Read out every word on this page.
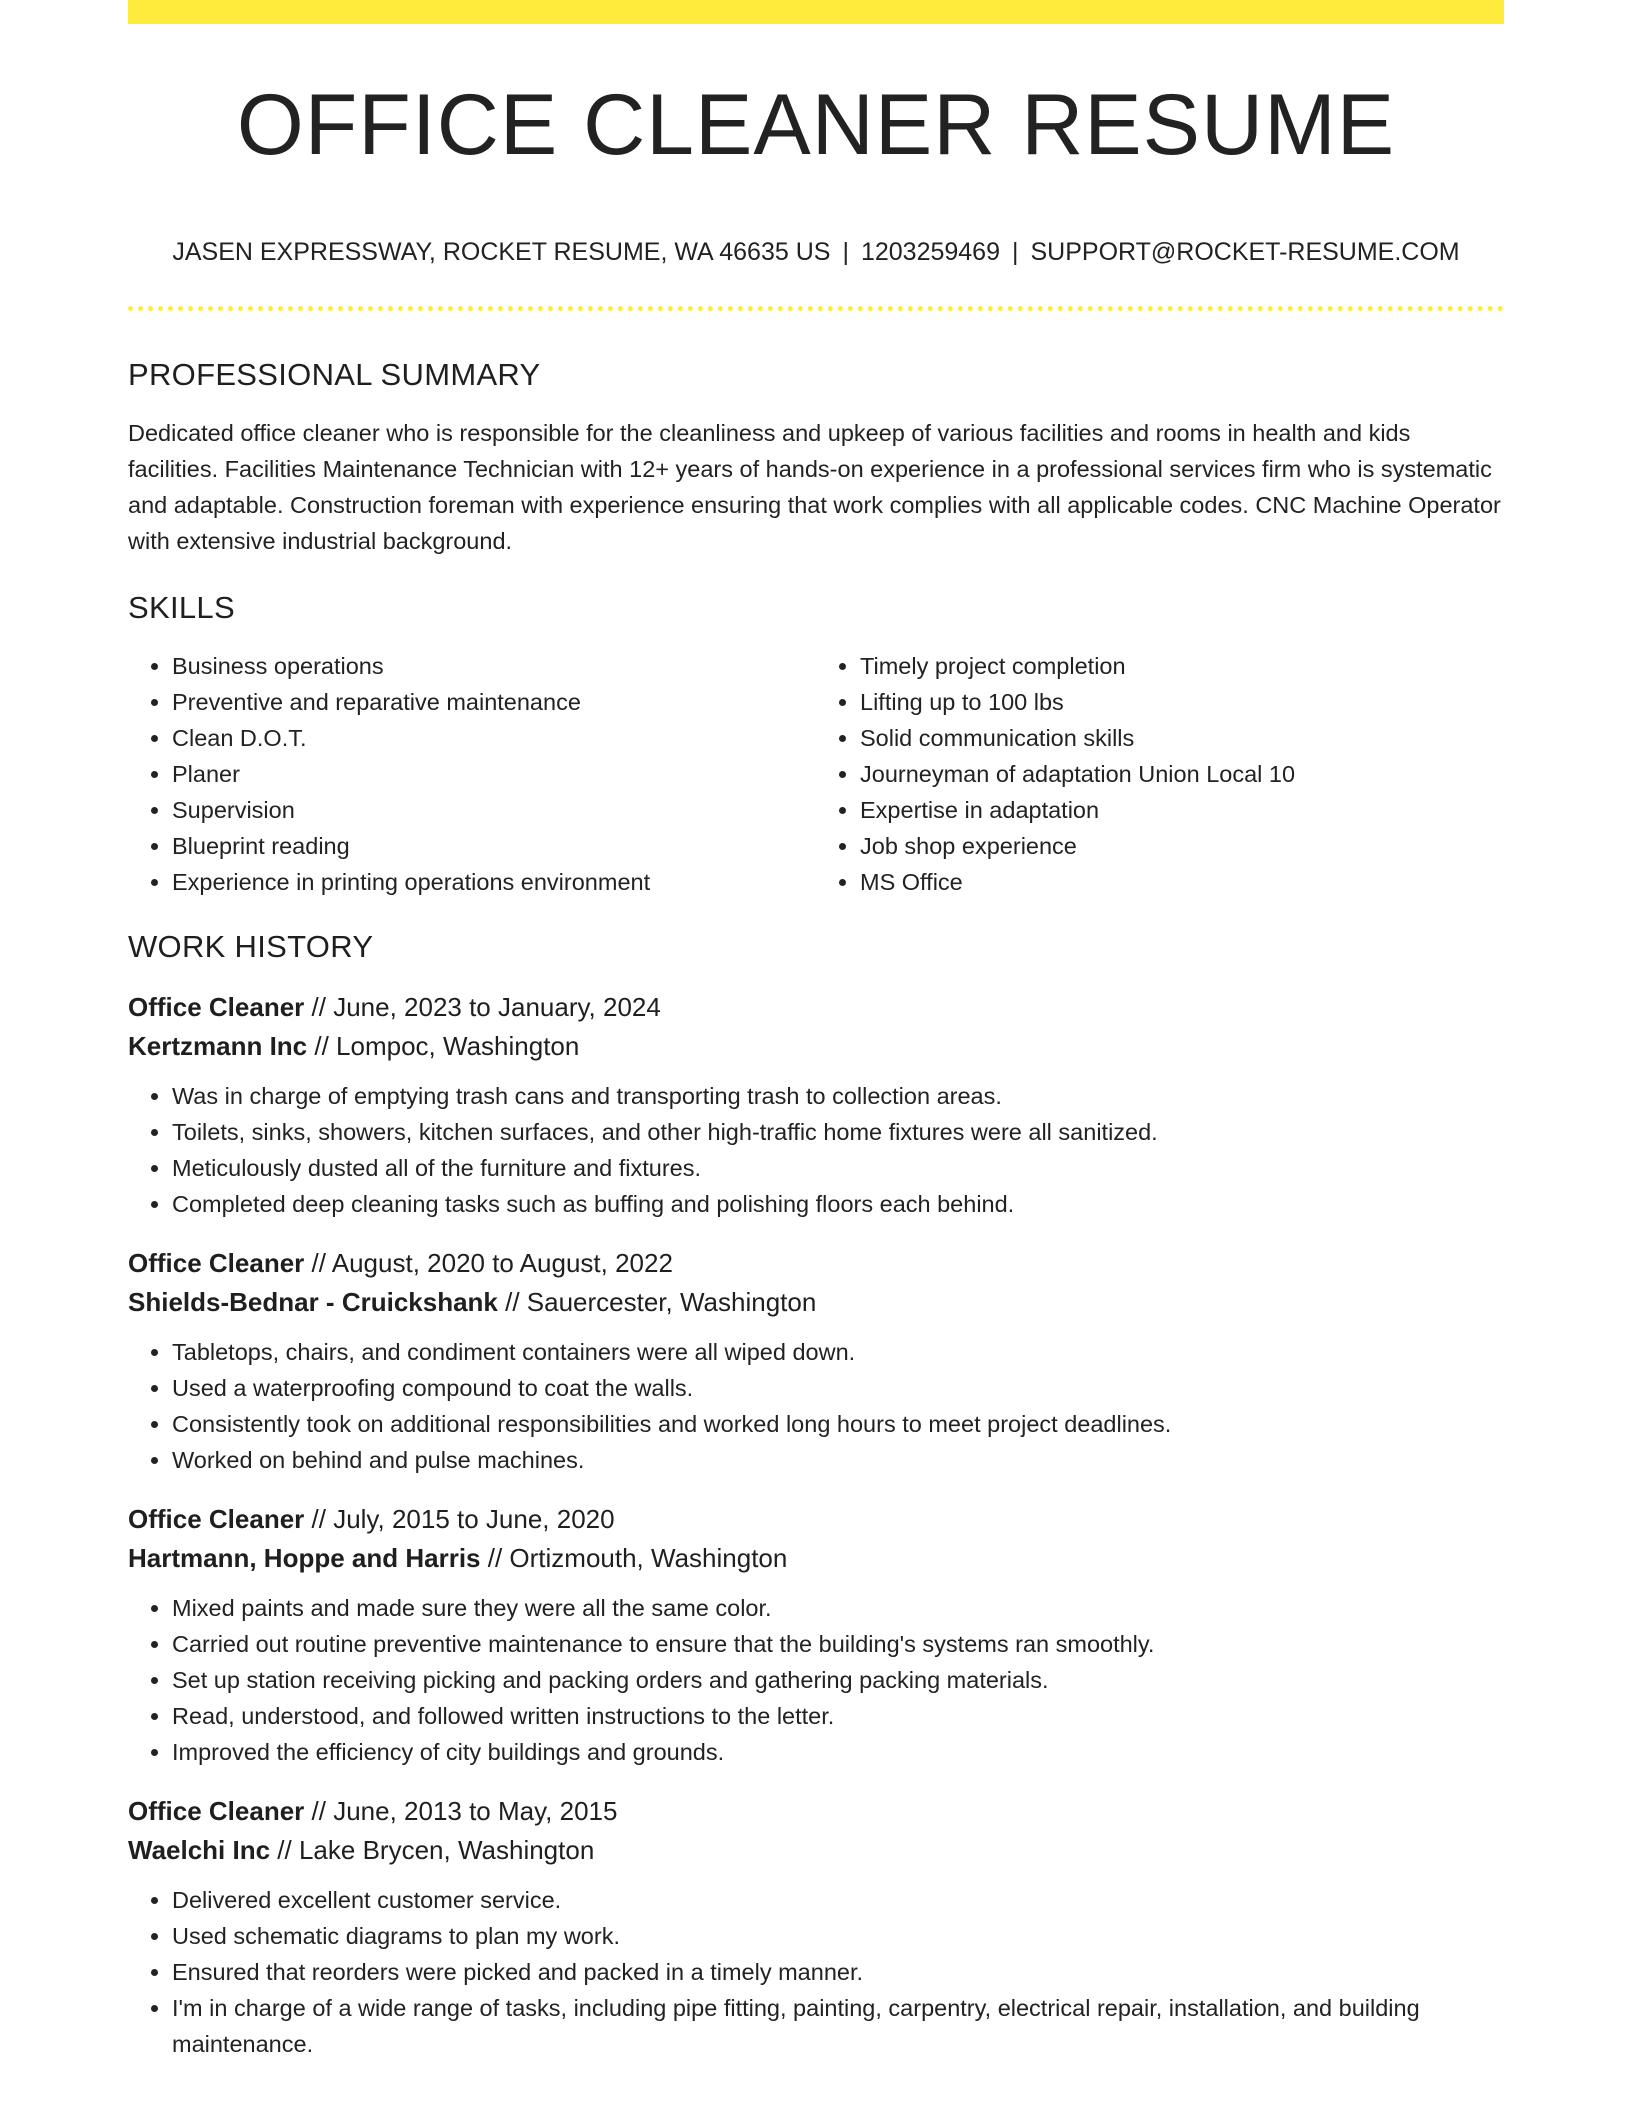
OFFICE CLEANER RESUME
JASEN EXPRESSWAY, ROCKET RESUME, WA 46635 US | 1203259469 | SUPPORT@ROCKET-RESUME.COM
PROFESSIONAL SUMMARY

Dedicated office cleaner who is responsible for the cleanliness and upkeep of various facilities and rooms in health and kids facilities. Facilities Maintenance Technician with 12+ years of hands-on experience in a professional services firm who is systematic and adaptable. Construction foreman with experience ensuring that work complies with all applicable codes. CNC Machine Operator with extensive industrial background.

SKILLS
• Business operations
• Preventive and reparative maintenance
• Clean D.O.T.
• Planer
• Supervision
• Blueprint reading
• Experience in printing operations environment
• Timely project completion
• Lifting up to 100 lbs
• Solid communication skills
• Journeyman of adaptation Union Local 10
• Expertise in adaptation
• Job shop experience
• MS Office
WORK HISTORY
Office Cleaner // June, 2023 to January, 2024
Kertzmann Inc // Lompoc, Washington
• Was in charge of emptying trash cans and transporting trash to collection areas.
• Toilets, sinks, showers, kitchen surfaces, and other high-traffic home fixtures were all sanitized.
• Meticulously dusted all of the furniture and fixtures.
• Completed deep cleaning tasks such as buffing and polishing floors each behind.
Office Cleaner // August, 2020 to August, 2022
Shields-Bednar - Cruickshank // Sauercester, Washington
• Tabletops, chairs, and condiment containers were all wiped down.
• Used a waterproofing compound to coat the walls.
• Consistently took on additional responsibilities and worked long hours to meet project deadlines.
• Worked on behind and pulse machines.
Office Cleaner // July, 2015 to June, 2020
Hartmann, Hoppe and Harris // Ortizmouth, Washington
• Mixed paints and made sure they were all the same color.
• Carried out routine preventive maintenance to ensure that the building's systems ran smoothly.
• Set up station receiving picking and packing orders and gathering packing materials.
• Read, understood, and followed written instructions to the letter.
• Improved the efficiency of city buildings and grounds.
Office Cleaner // June, 2013 to May, 2015
Waelchi Inc // Lake Brycen, Washington
• Delivered excellent customer service.
• Used schematic diagrams to plan my work.
• Ensured that reorders were picked and packed in a timely manner.
• I'm in charge of a wide range of tasks, including pipe fitting, painting, carpentry, electrical repair, installation, and building maintenance.
